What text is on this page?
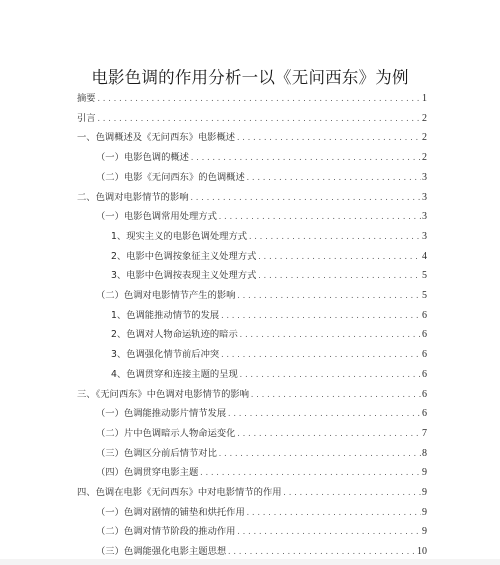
电影色调的作用分析一以《无问西东》为例
摘要 .....	1
引言 .....	2
一、色调概述及《无问西东》电影概述 .....	2
（一）电影色调的概述 .....	2
（二）电影《无问西东》的色调概述 .....	3
二、色调对电影情节的影响 .....	3
（一）电影色调常用处理方式 .....	3
1、现实主义的电影色调处理方式 .....	3
2、电影中色调按象征主义处理方式 .....	4
3、电影中色调按表现主义处理方式 .....	5
（二）色调对电影情节产生的影响 .....	5
1、色调能推动情节的发展 .....	6
2、色调对人物命运轨迹的暗示 .....	6
3、色调强化情节前后冲突 .....	6
4、色调贯穿和连接主题的呈现 .....	6
三、《无问西东》中色调对电影情节的影响 .....	6
（一）色调能推动影片情节发展 .....	6
（二）片中色调暗示人物命运变化 .....	7
（三）色调区分前后情节对比 .....	8
（四）色调贯穿电影主题 .....	9
四、色调在电影《无问西东》中对电影情节的作用 .....	9
（一）色调对剧情的铺垫和烘托作用 .....	9
（二）色调对情节阶段的推动作用 .....	9
（三）色调能强化电影主题思想 .....	10
